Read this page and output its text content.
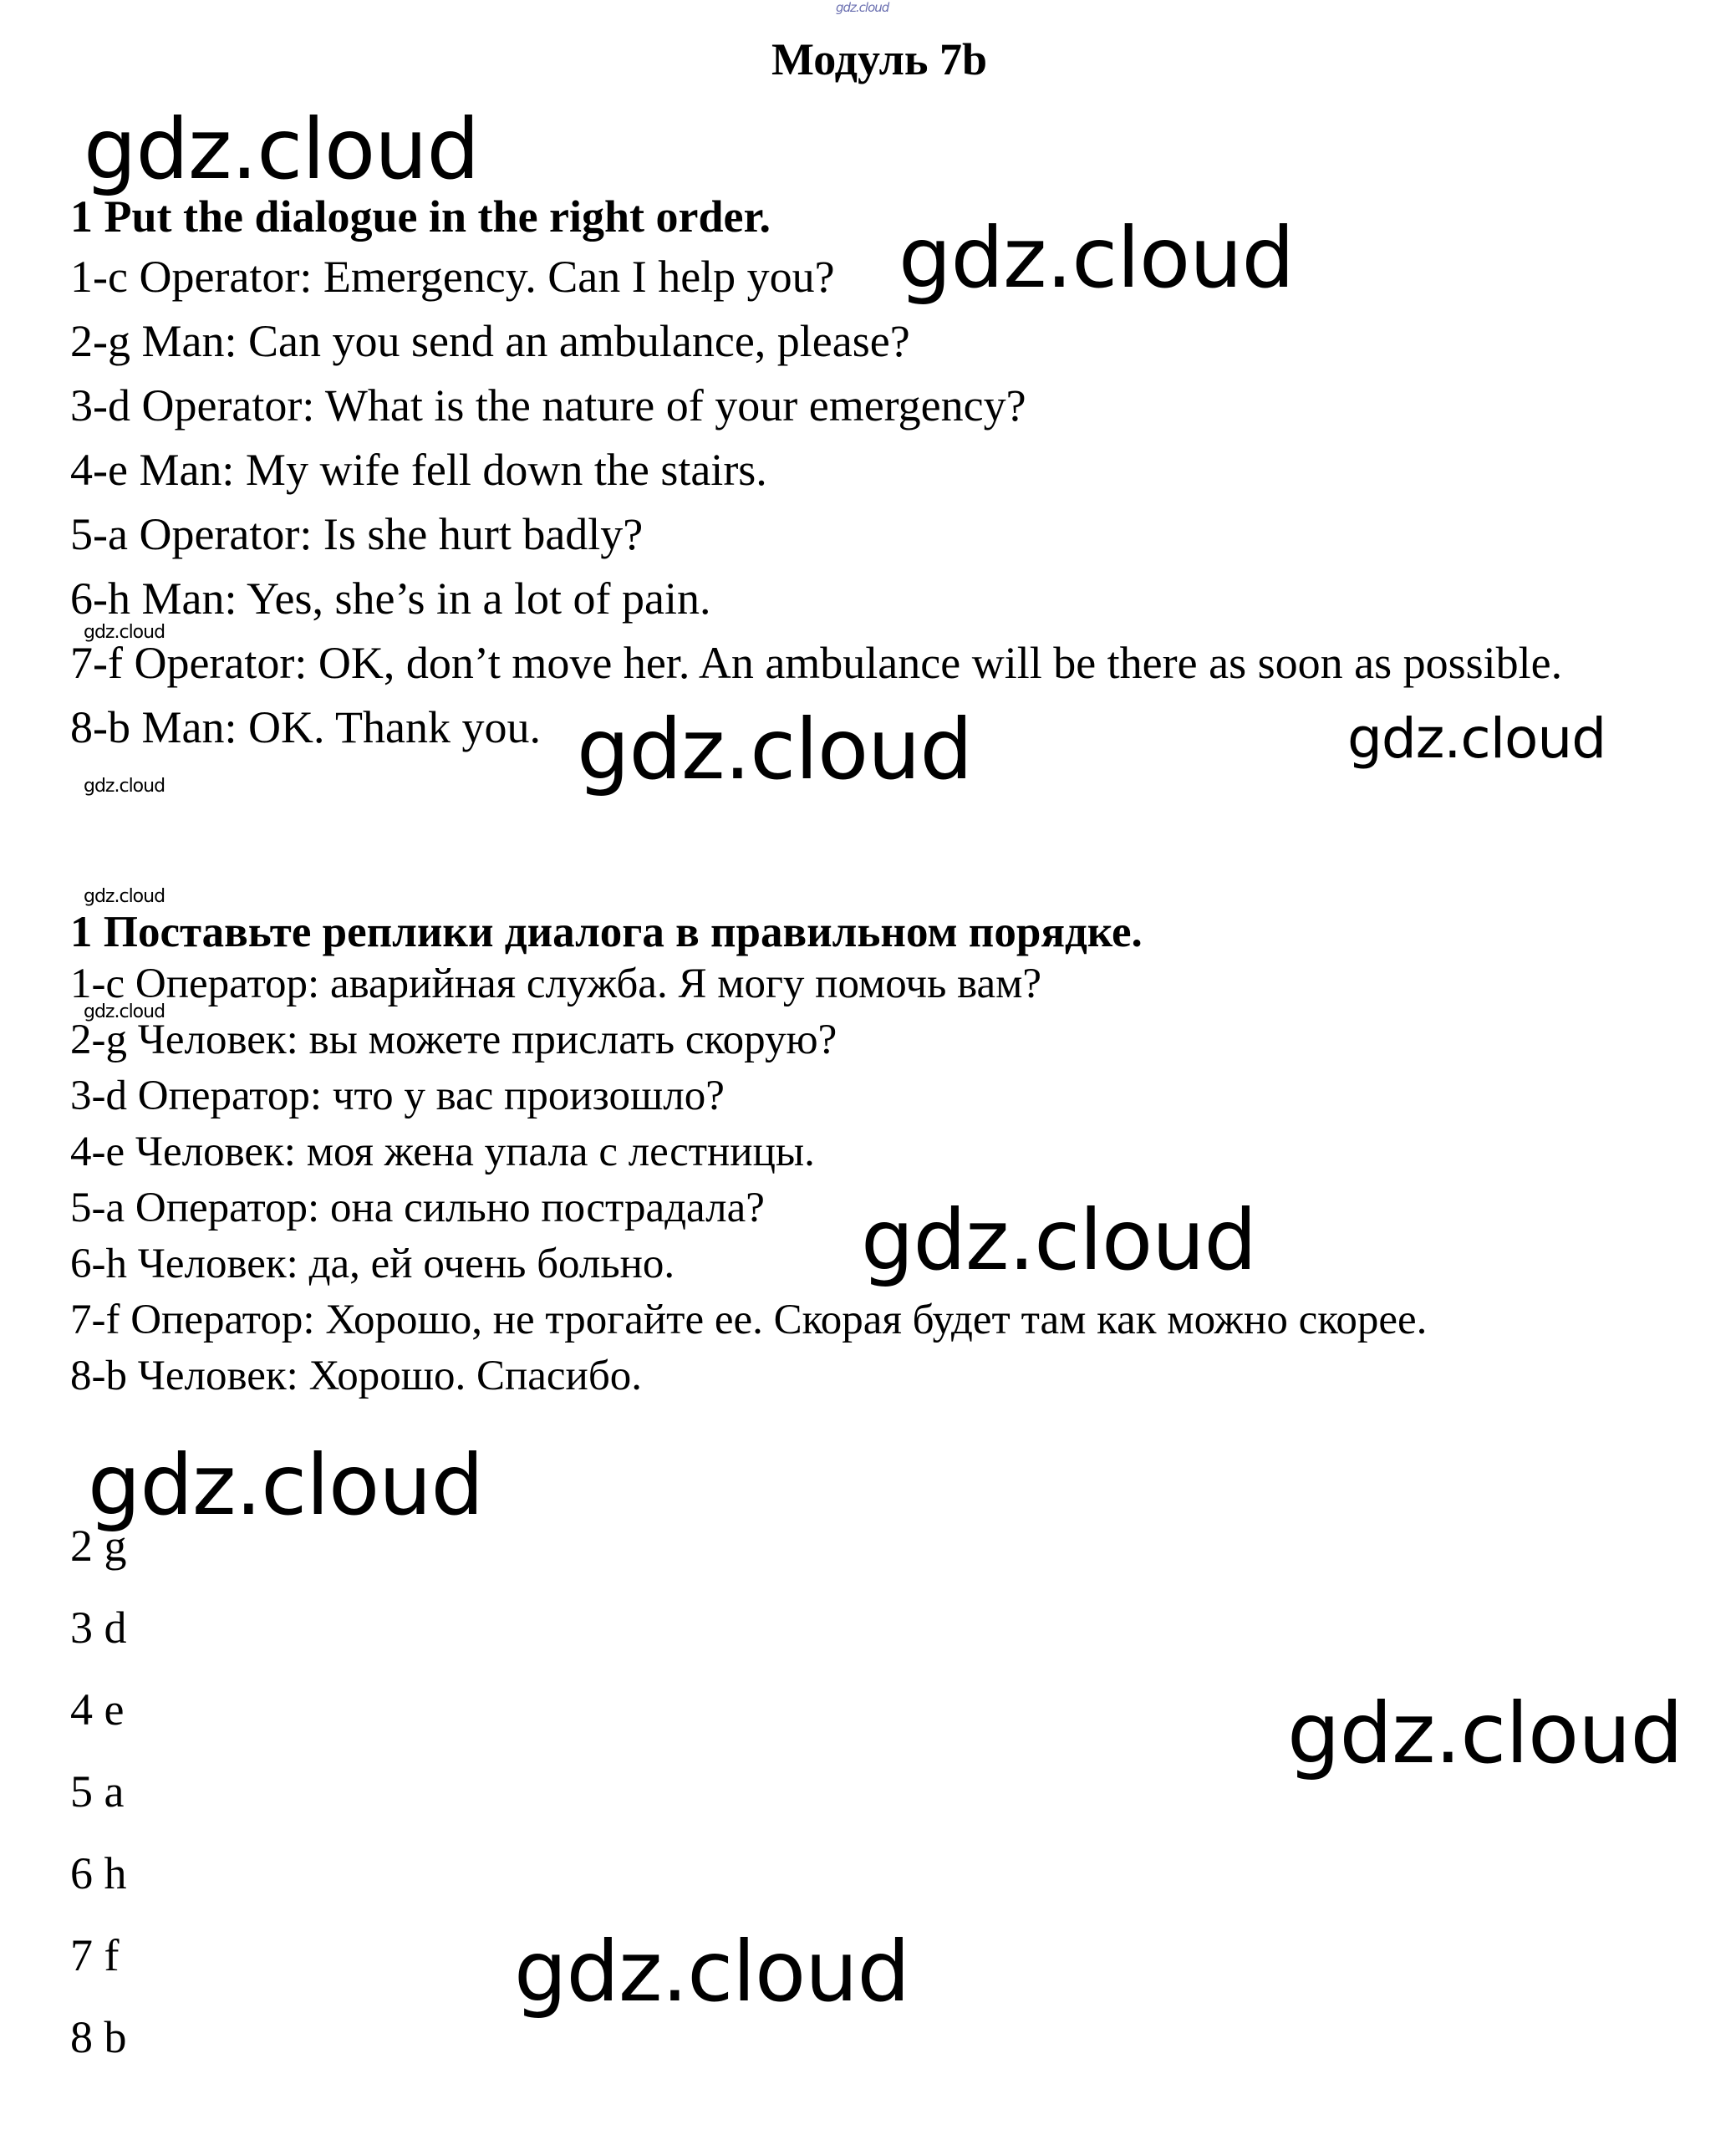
gdz.cloud
Модуль 7b
gdz.cloud
gdz.cloud
gdz.cloud
gdz.cloud	gdz.cloud
gdz.cloud
gdz.cloud
gdz.cloud
gdz.cloud
gdz.cloud
gdz.cloud
gdz.cloud
1 Put the dialogue in the right order.
1-c Operator: Emergency. Can I help you?
2-g Man: Can you send an ambulance, please?
3-d Operator: What is the nature of your emergency?
4-e Man: My wife fell down the stairs.
5-a Operator: Is she hurt badly?
6-h Man: Yes, she’s in a lot of pain.
7-f Operator: OK, don’t move her. An ambulance will be there as soon as possible.
8-b Man: OK. Thank you.
1 Поставьте реплики диалога в правильном порядке.
1-c Оператор: аварийная служба. Я могу помочь вам?
2-g Человек: вы можете прислать скорую?
3-d Оператор: что у вас произошло?
4-e Человек: моя жена упала с лестницы.
5-a Оператор: она сильно пострадала?
6-h Человек: да, ей очень больно.
7-f Оператор: Хорошо, не трогайте ее. Скорая будет там как можно скорее.
8-b Человек: Хорошо. Спасибо.
2 g
3 d
4 e
5 a
6 h
7 f
8 b
